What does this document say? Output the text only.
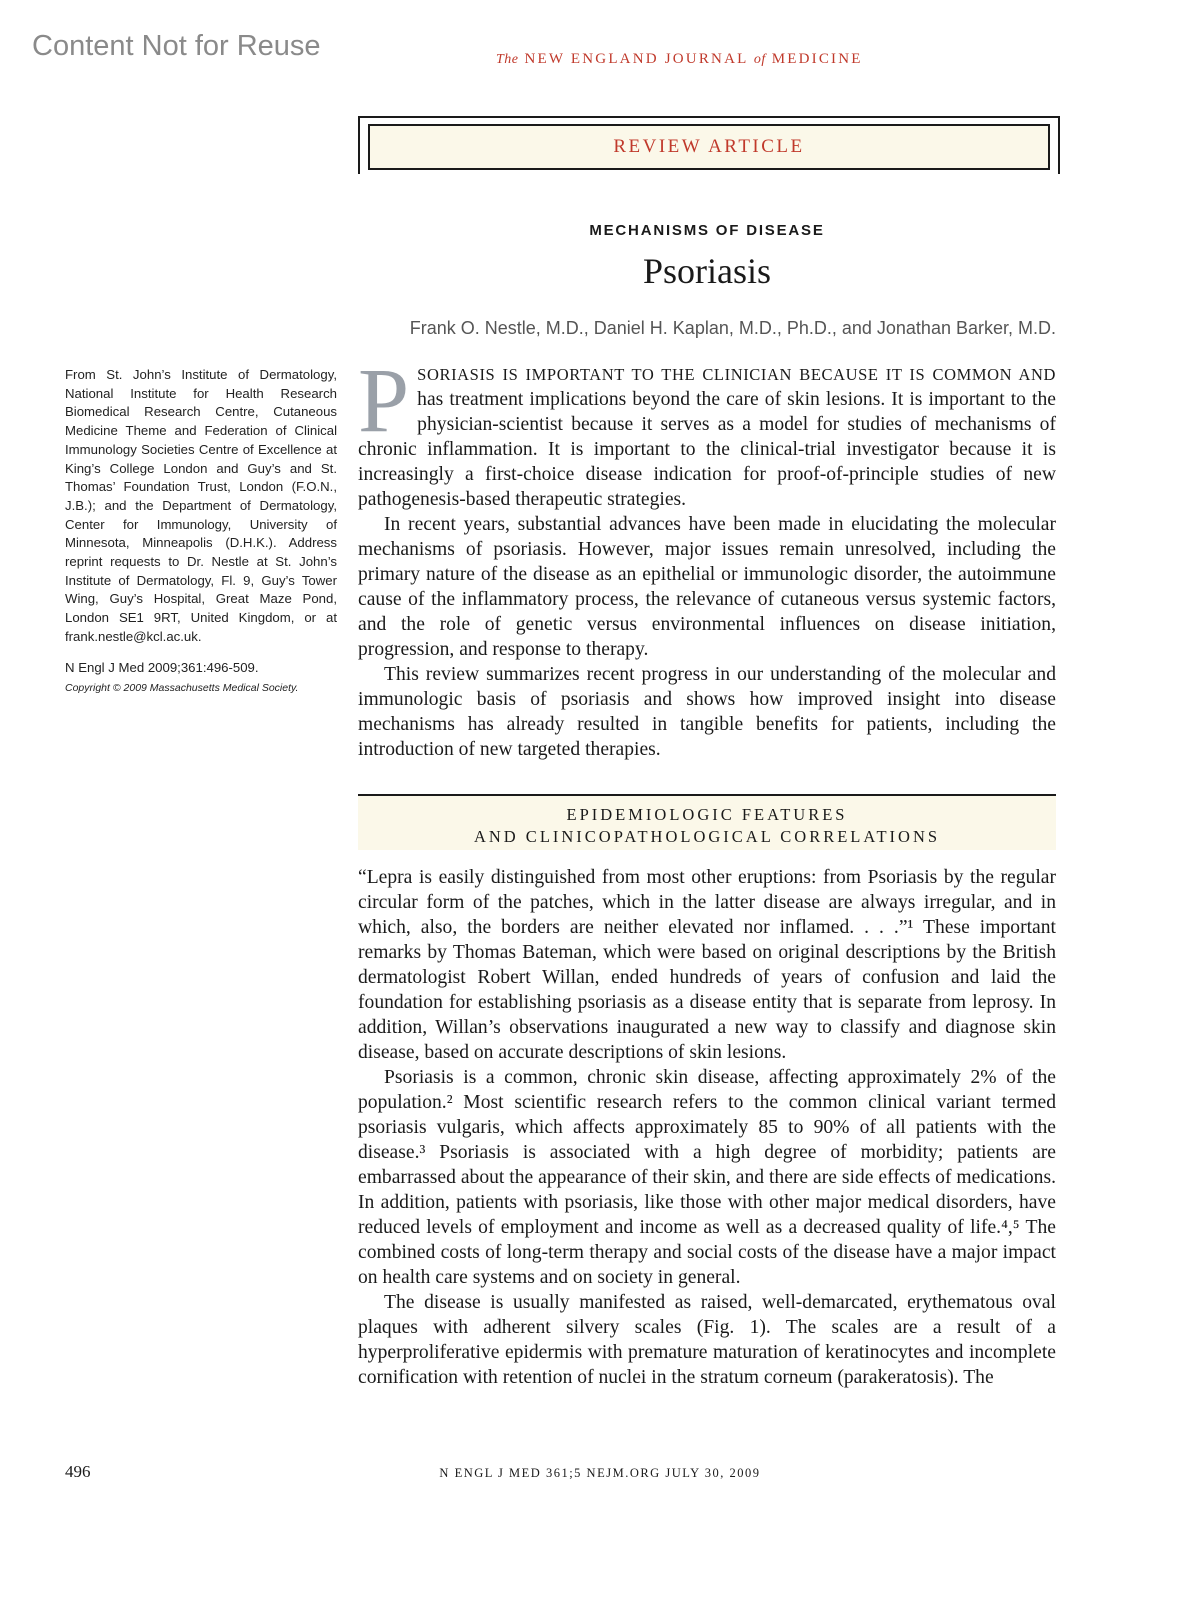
Content Not for Reuse	The NEW ENGLAND JOURNAL of MEDICINE
REVIEW ARTICLE
MECHANISMS OF DISEASE
Psoriasis
Frank O. Nestle, M.D., Daniel H. Kaplan, M.D., Ph.D., and Jonathan Barker, M.D.
From St. John’s Institute of Dermatology, National Institute for Health Research Biomedical Research Centre, Cutaneous Medicine Theme and Federation of Clinical Immunology Societies Centre of Excellence at King’s College London and Guy’s and St. Thomas’ Foundation Trust, London (F.O.N., J.B.); and the Department of Dermatology, Center for Immunology, University of Minnesota, Minneapolis (D.H.K.). Address reprint requests to Dr. Nestle at St. John’s Institute of Dermatology, Fl. 9, Guy’s Tower Wing, Guy’s Hospital, Great Maze Pond, London SE1 9RT, United Kingdom, or at frank.nestle@kcl.ac.uk.
N Engl J Med 2009;361:496-509.
Copyright © 2009 Massachusetts Medical Society.

PSORIASIS IS IMPORTANT TO THE CLINICIAN BECAUSE IT IS COMMON AND has treatment implications beyond the care of skin lesions. It is important to the physician-scientist because it serves as a model for studies of mechanisms of chronic inflammation. It is important to the clinical-trial investigator because it is increasingly a first-choice disease indication for proof-of-principle studies of new pathogenesis-based therapeutic strategies.

In recent years, substantial advances have been made in elucidating the molecular mechanisms of psoriasis. However, major issues remain unresolved, including the primary nature of the disease as an epithelial or immunologic disorder, the autoimmune cause of the inflammatory process, the relevance of cutaneous versus systemic factors, and the role of genetic versus environmental influences on disease initiation, progression, and response to therapy.

This review summarizes recent progress in our understanding of the molecular and immunologic basis of psoriasis and shows how improved insight into disease mechanisms has already resulted in tangible benefits for patients, including the introduction of new targeted therapies.

EPIDEMIOLOGIC FEATURES
AND CLINICOPATHOLOGICAL CORRELATIONS

“Lepra is easily distinguished from most other eruptions: from Psoriasis by the regular circular form of the patches, which in the latter disease are always irregular, and in which, also, the borders are neither elevated nor inflamed. . . .”¹ These important remarks by Thomas Bateman, which were based on original descriptions by the British dermatologist Robert Willan, ended hundreds of years of confusion and laid the foundation for establishing psoriasis as a disease entity that is separate from leprosy. In addition, Willan’s observations inaugurated a new way to classify and diagnose skin disease, based on accurate descriptions of skin lesions.

Psoriasis is a common, chronic skin disease, affecting approximately 2% of the population.² Most scientific research refers to the common clinical variant termed psoriasis vulgaris, which affects approximately 85 to 90% of all patients with the disease.³ Psoriasis is associated with a high degree of morbidity; patients are embarrassed about the appearance of their skin, and there are side effects of medications. In addition, patients with psoriasis, like those with other major medical disorders, have reduced levels of employment and income as well as a decreased quality of life.⁴,⁵ The combined costs of long-term therapy and social costs of the disease have a major impact on health care systems and on society in general.

The disease is usually manifested as raised, well-demarcated, erythematous oval plaques with adherent silvery scales (Fig. 1). The scales are a result of a hyperproliferative epidermis with premature maturation of keratinocytes and incomplete cornification with retention of nuclei in the stratum corneum (parakeratosis). The

496	N ENGL J MED 361;5 NEJM.ORG JULY 30, 2009
